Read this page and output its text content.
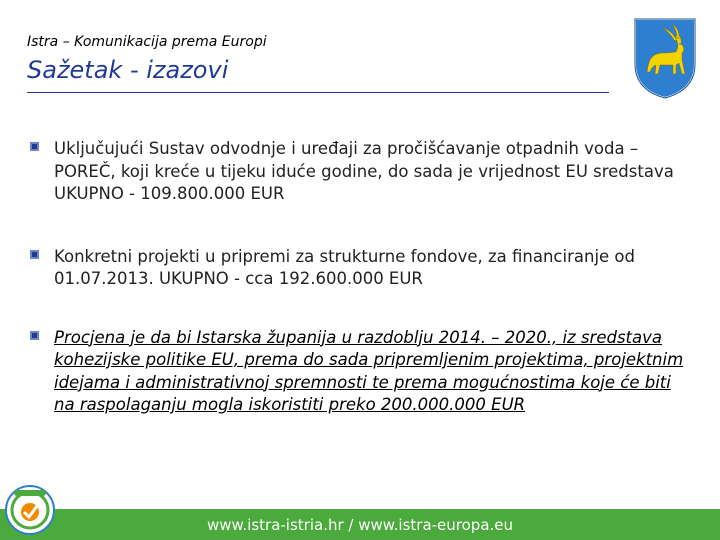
Istra – Komunikacija prema Europi
Sažetak - izazovi
Uključujući Sustav odvodnje i uređaji za pročišćavanje otpadnih voda – POREČ, koji kreće u tijeku iduće godine, do sada je vrijednost EU sredstava UKUPNO - 109.800.000 EUR
Konkretni projekti u pripremi za strukturne fondove, za financiranje od 01.07.2013. UKUPNO - cca 192.600.000 EUR
Procjena je da bi Istarska županija u razdoblju 2014. – 2020., iz sredstava kohezijske politike EU, prema do sada pripremljenim projektima, projektnim idejama i administrativnoj spremnosti te prema mogućnostima koje će biti na raspolaganju mogla iskoristiti preko 200.000.000 EUR
www.istra-istria.hr / www.istra-europa.eu
